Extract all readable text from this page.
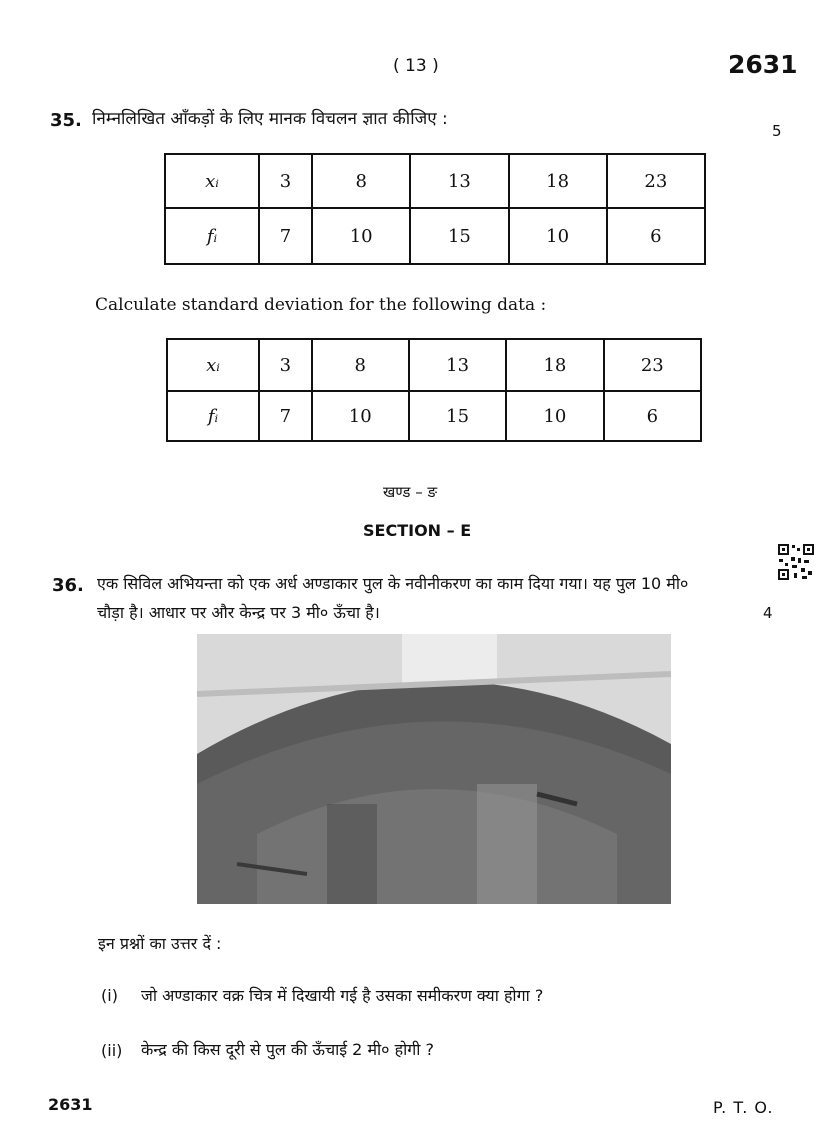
( 13 )	2631
35. निम्नलिखित आँकड़ों के लिए मानक विचलन ज्ञात कीजिए :
5
xᵢ	3	8	13	18	23
fᵢ	7	10	15	10	6
Calculate standard deviation for the following data :
xᵢ	3	8	13	18	23
fᵢ	7	10	15	10	6
खण्ड – ङ
SECTION – E
36. एक सिविल अभियन्ता को एक अर्ध अण्डाकार पुल के नवीनीकरण का काम दिया गया। यह पुल 10 मी०
चौड़ा है। आधार पर और केन्द्र पर 3 मी० ऊँचा है।	4
इन प्रश्नों का उत्तर दें :
(i) जो अण्डाकार वक्र चित्र में दिखायी गई है उसका समीकरण क्या होगा ?
(ii) केन्द्र की किस दूरी से पुल की ऊँचाई 2 मी० होगी ?
2631	P. T. O.
